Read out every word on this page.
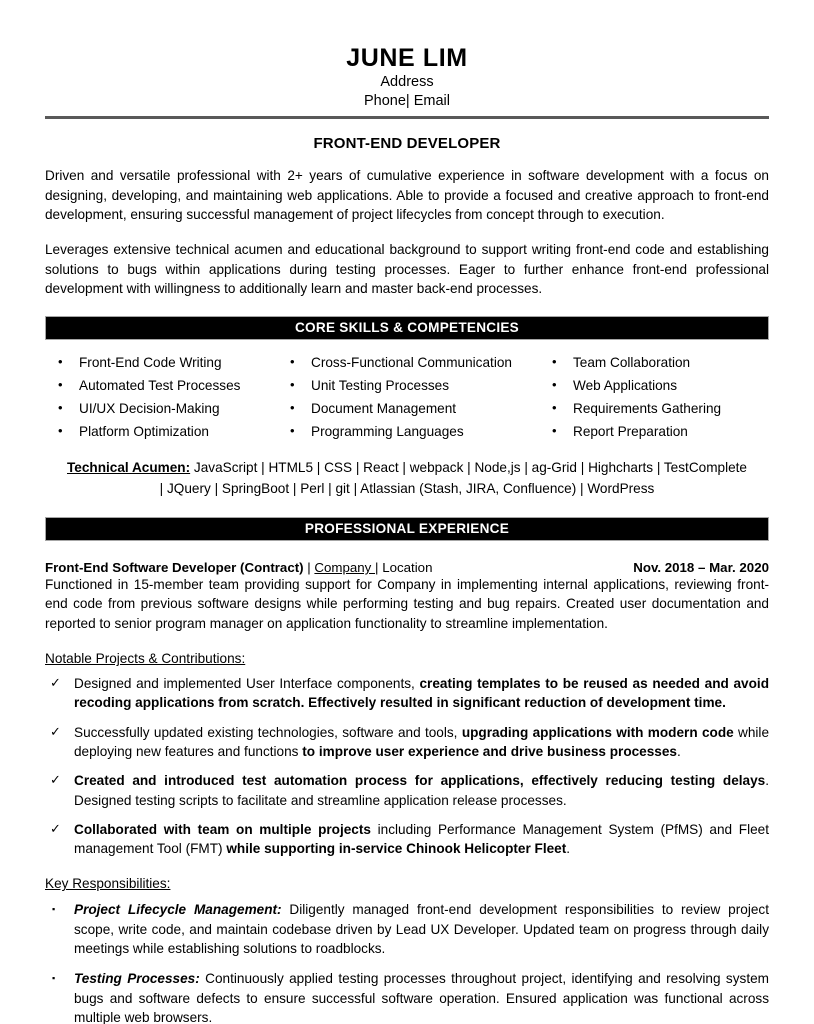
JUNE LIM
Address
Phone| Email
FRONT-END DEVELOPER

Driven and versatile professional with 2+ years of cumulative experience in software development with a focus on designing, developing, and maintaining web applications. Able to provide a focused and creative approach to front-end development, ensuring successful management of project lifecycles from concept through to execution.

Leverages extensive technical acumen and educational background to support writing front-end code and establishing solutions to bugs within applications during testing processes. Eager to further enhance front-end professional development with willingness to additionally learn and master back-end processes.

CORE SKILLS & COMPETENCIES
• Front-End Code Writing
• Automated Test Processes
• UI/UX Decision-Making
• Platform Optimization
• Cross-Functional Communication
• Unit Testing Processes
• Document Management
• Programming Languages
• Team Collaboration
• Web Applications
• Requirements Gathering
• Report Preparation
Technical Acumen: JavaScript | HTML5 | CSS | React | webpack | Node,js | ag-Grid | Highcharts | TestComplete | JQuery | SpringBoot | Perl | git | Atlassian (Stash, JIRA, Confluence) | WordPress
PROFESSIONAL EXPERIENCE
Front-End Software Developer (Contract) | Company | Location	Nov. 2018 – Mar. 2020

Functioned in 15-member team providing support for Company in implementing internal applications, reviewing front-end code from previous software designs while performing testing and bug repairs. Created user documentation and reported to senior program manager on application functionality to streamline implementation.

Notable Projects & Contributions:
✓ Designed and implemented User Interface components, creating templates to be reused as needed and avoid recoding applications from scratch. Effectively resulted in significant reduction of development time.
✓ Successfully updated existing technologies, software and tools, upgrading applications with modern code while deploying new features and functions to improve user experience and drive business processes.
✓ Created and introduced test automation process for applications, effectively reducing testing delays. Designed testing scripts to facilitate and streamline application release processes.
✓ Collaborated with team on multiple projects including Performance Management System (PfMS) and Fleet management Tool (FMT) while supporting in-service Chinook Helicopter Fleet.
Key Responsibilities:
▪ Project Lifecycle Management: Diligently managed front-end development responsibilities to review project scope, write code, and maintain codebase driven by Lead UX Developer. Updated team on progress through daily meetings while establishing solutions to roadblocks.
▪ Testing Processes: Continuously applied testing processes throughout project, identifying and resolving system bugs and software defects to ensure successful software operation. Ensured application was functional across multiple web browsers.
